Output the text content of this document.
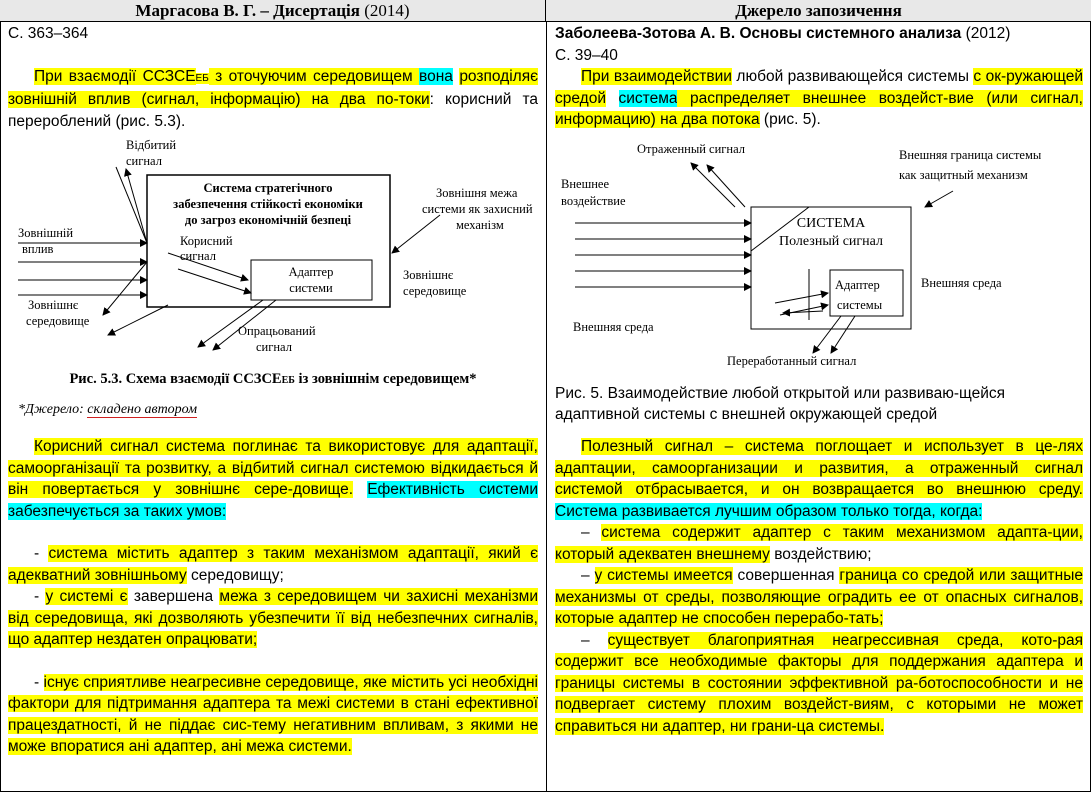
Маргасова В. Г. – Дисертація (2014)	Джерело запозичення
С. 363–364

При взаємодії ССЗСЕЕБ з оточуючим середовищем вона розподіляє зовнішній вплив (сигнал, інформацію) на два по-токи: корисний та перероблений (рис. 5.3).

Система стратегічного
забезпечення стійкості економіки
до загроз економічній безпеці
Відбитий
сигнал
Зовнішній
вплив
Корисний
сигнал
Адаптер
системи
Зовнішнє
середовище
Зовнішнє
середовище
Зовнішня межа
системи як захисний
механізм
Опрацьований
сигнал
Рис. 5.3. Схема взаємодії ССЗСЕЕБ із зовнішнім середовищем*
*Джерело: складено автором

Корисний сигнал система поглинає та використовує для адаптації, самоорганізації та розвитку, а відбитий сигнал системою відкидається й він повертається у зовнішнє сере-довище. Ефективність системи забезпечується за таких умов:

- система містить адаптер з таким механізмом адаптації, який є адекватний зовнішньому середовищу;

- у системі є завершена межа з середовищем чи захисні механізми від середовища, які дозволяють убезпечити її від небезпечних сигналів, що адаптер нездатен опрацювати;

- існує сприятливе неагресивне середовище, яке містить усі необхідні фактори для підтримання адаптера та межі системи в стані ефективної працездатності, й не піддає сис-тему негативним впливам, з якими не може впоратися ані адаптер, ані межа системи.

Заболеева-Зотова А. В. Основы системного анализа (2012)
С. 39–40

При взаимодействии любой развивающейся системы с ок-ружающей средой система распределяет внешнее воздейст-вие (или сигнал, информацию) на два потока (рис. 5).

Отраженный сигнал
Внешнее
воздействие
Внешняя граница системы
как защитный механизм
СИСТЕМА
Полезный сигнал
Адаптер
системы
Внешняя среда
Внешняя среда
Переработанный сигнал
Рис. 5. Взаимодействие любой открытой или развиваю-щейся адаптивной системы с внешней окружающей средой

Полезный сигнал – система поглощает и использует в це-лях адаптации, самоорганизации и развития, а отраженный сигнал системой отбрасывается, и он возвращается во внешнюю среду. Система развивается лучшим образом только тогда, когда:

– система содержит адаптер с таким механизмом адапта-ции, который адекватен внешнему воздействию;

– у системы имеется совершенная граница со средой или защитные механизмы от среды, позволяющие оградить ее от опасных сигналов, которые адаптер не способен перерабо-тать;

– существует благоприятная неагрессивная среда, кото-рая содержит все необходимые факторы для поддержания адаптера и границы системы в состоянии эффективной ра-ботоспособности и не подвергает систему плохим воздейст-виям, с которыми не может справиться ни адаптер, ни грани-ца системы.
